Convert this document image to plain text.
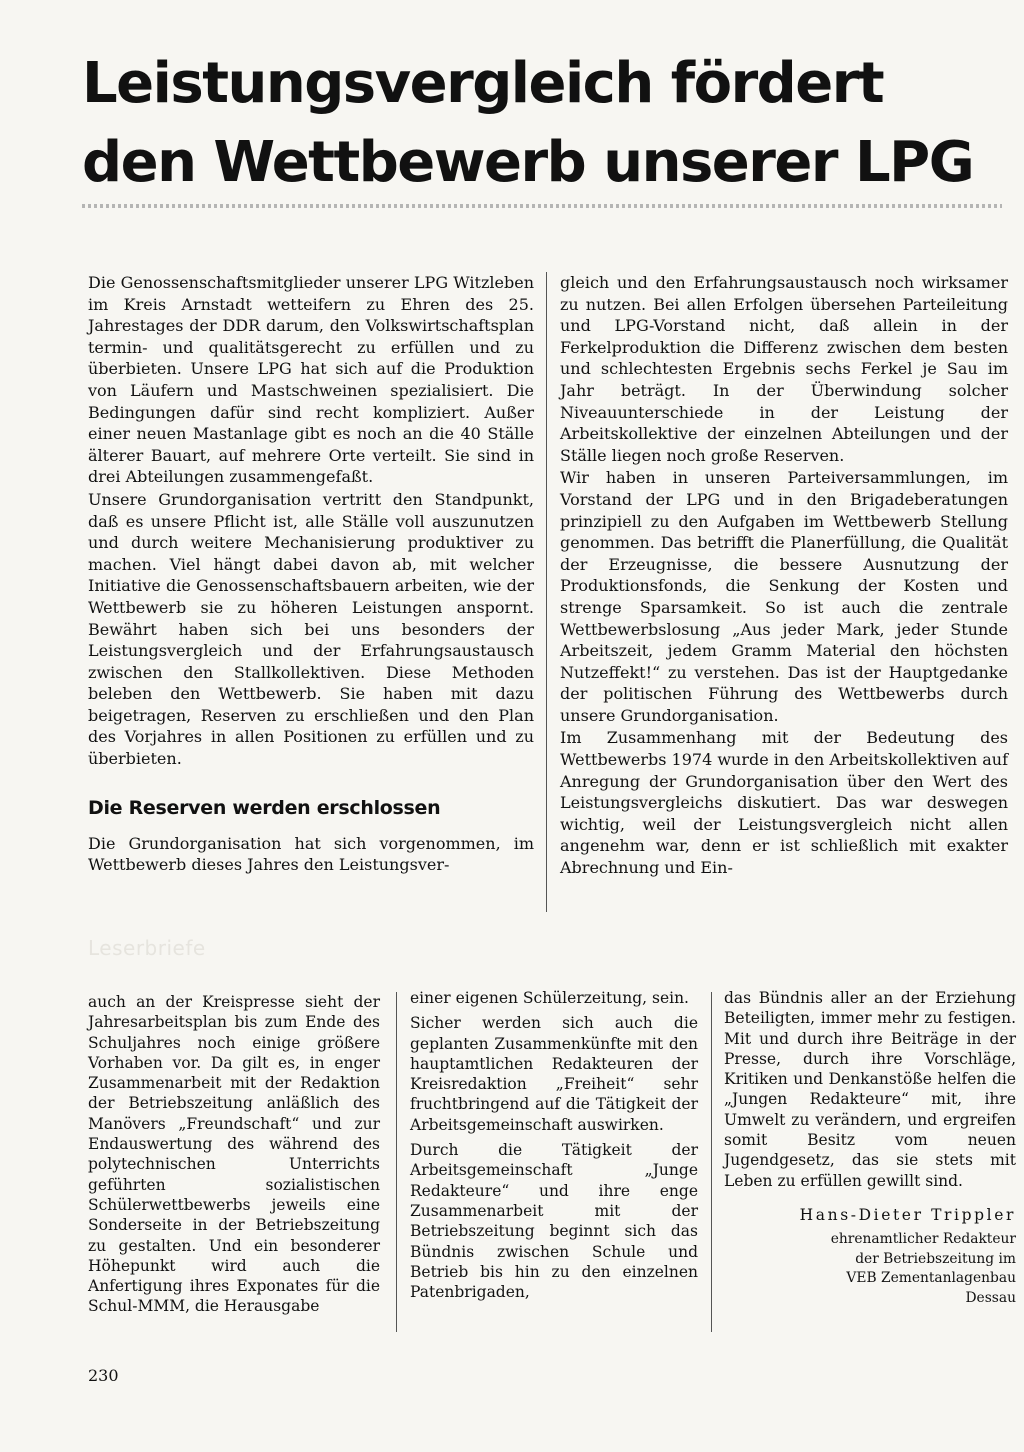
Leistungsvergleich fördert
den Wettbewerb unserer LPG

Die Genossenschaftsmitglieder unserer LPG Witzleben im Kreis Arnstadt wetteifern zu Ehren des 25. Jahrestages der DDR darum, den Volkswirtschaftsplan termin- und qualitätsgerecht zu erfüllen und zu überbieten. Unsere LPG hat sich auf die Produktion von Läufern und Mastschweinen spezialisiert. Die Bedingungen dafür sind recht kompliziert. Außer einer neuen Mastanlage gibt es noch an die 40 Ställe älterer Bauart, auf mehrere Orte verteilt. Sie sind in drei Abteilungen zusammengefaßt.

Unsere Grundorganisation vertritt den Standpunkt, daß es unsere Pflicht ist, alle Ställe voll auszunutzen und durch weitere Mechanisierung produktiver zu machen. Viel hängt dabei davon ab, mit welcher Initiative die Genossenschaftsbauern arbeiten, wie der Wettbewerb sie zu höheren Leistungen anspornt. Bewährt haben sich bei uns besonders der Leistungsvergleich und der Erfahrungsaustausch zwischen den Stallkollektiven. Diese Methoden beleben den Wettbewerb. Sie haben mit dazu beigetragen, Reserven zu erschließen und den Plan des Vorjahres in allen Positionen zu erfüllen und zu überbieten.

Die Reserven werden erschlossen

Die Grundorganisation hat sich vorgenommen, im Wettbewerb dieses Jahres den Leistungsver-

gleich und den Erfahrungsaustausch noch wirksamer zu nutzen. Bei allen Erfolgen übersehen Parteileitung und LPG-Vorstand nicht, daß allein in der Ferkelproduktion die Differenz zwischen dem besten und schlechtesten Ergebnis sechs Ferkel je Sau im Jahr beträgt. In der Überwindung solcher Niveauunterschiede in der Leistung der Arbeitskollektive der einzelnen Abteilungen und der Ställe liegen noch große Reserven.

Wir haben in unseren Parteiversammlungen, im Vorstand der LPG und in den Brigadeberatungen prinzipiell zu den Aufgaben im Wettbewerb Stellung genommen. Das betrifft die Planerfüllung, die Qualität der Erzeugnisse, die bessere Ausnutzung der Produktionsfonds, die Senkung der Kosten und strenge Sparsamkeit. So ist auch die zentrale Wettbewerbslosung „Aus jeder Mark, jeder Stunde Arbeitszeit, jedem Gramm Material den höchsten Nutzeffekt!“ zu verstehen. Das ist der Hauptgedanke der politischen Führung des Wettbewerbs durch unsere Grundorganisation.

Im Zusammenhang mit der Bedeutung des Wettbewerbs 1974 wurde in den Arbeitskollektiven auf Anregung der Grundorganisation über den Wert des Leistungsvergleichs diskutiert. Das war deswegen wichtig, weil der Leistungsvergleich nicht allen angenehm war, denn er ist schließlich mit exakter Abrechnung und Ein-

Leserbriefe

auch an der Kreispresse sieht der Jahresarbeitsplan bis zum Ende des Schuljahres noch einige größere Vorhaben vor. Da gilt es, in enger Zusammenarbeit mit der Redaktion der Betriebszeitung anläßlich des Manövers „Freundschaft“ und zur Endauswertung des während des polytechnischen Unterrichts geführten sozialistischen Schülerwettbewerbs jeweils eine Sonderseite in der Betriebszeitung zu gestalten. Und ein besonderer Höhepunkt wird auch die Anfertigung ihres Exponates für die Schul-MMM, die Herausgabe

einer eigenen Schülerzeitung, sein.

Sicher werden sich auch die geplanten Zusammenkünfte mit den hauptamtlichen Redakteuren der Kreisredaktion „Freiheit“ sehr fruchtbringend auf die Tätigkeit der Arbeitsgemeinschaft auswirken.

Durch die Tätigkeit der Arbeitsgemeinschaft „Junge Redakteure“ und ihre enge Zusammenarbeit mit der Betriebszeitung beginnt sich das Bündnis zwischen Schule und Betrieb bis hin zu den einzelnen Patenbrigaden,

das Bündnis aller an der Erziehung Beteiligten, immer mehr zu festigen. Mit und durch ihre Beiträge in der Presse, durch ihre Vorschläge, Kritiken und Denkanstöße helfen die „Jungen Redakteure“ mit, ihre Umwelt zu verändern, und ergreifen somit Besitz vom neuen Jugendgesetz, das sie stets mit Leben zu erfüllen gewillt sind.

Hans-Dieter Trippler

ehrenamtlicher Redakteur
der Betriebszeitung im
VEB Zementanlagenbau
Dessau

230
